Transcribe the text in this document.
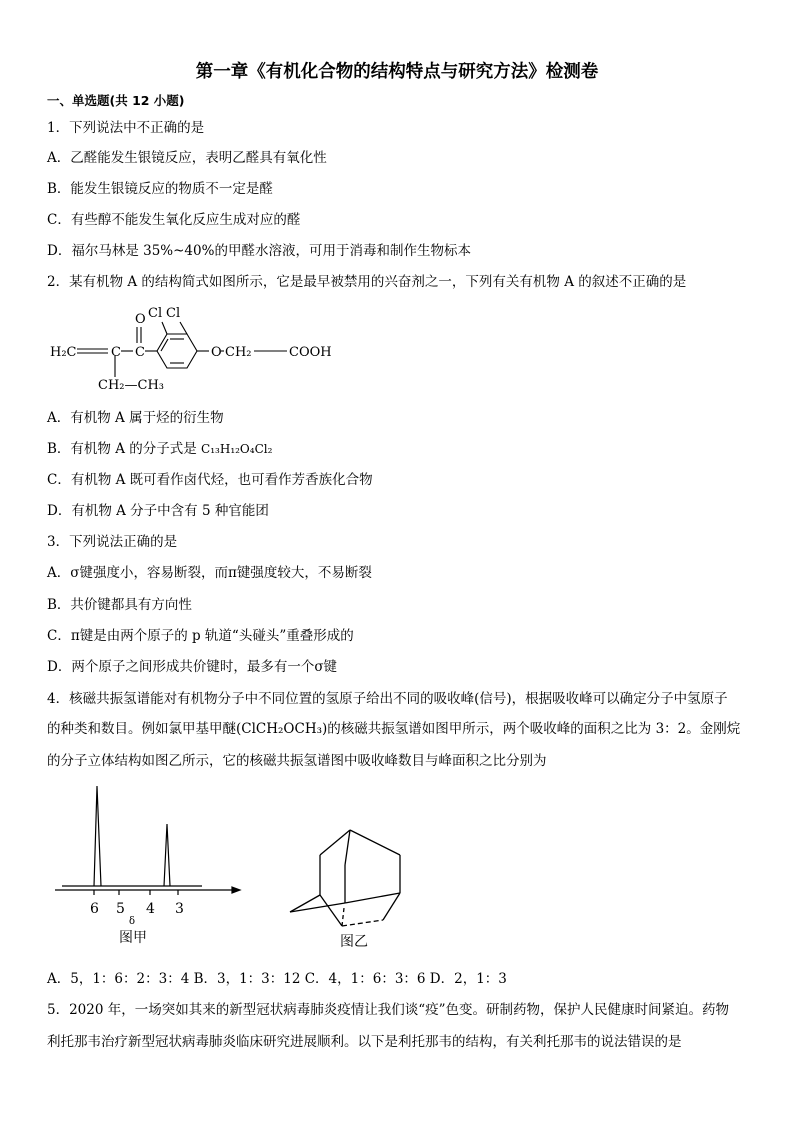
第一章《有机化合物的结构特点与研究方法》检测卷
一、单选题(共 12 小题)
1．下列说法中不正确的是
A．乙醛能发生银镜反应，表明乙醛具有氧化性
B．能发生银镜反应的物质不一定是醛
C．有些醇不能发生氧化反应生成对应的醛
D．福尔马林是 35%~40%的甲醛水溶液，可用于消毒和制作生物标本
2．某有机物 A 的结构简式如图所示，它是最早被禁用的兴奋剂之一，下列有关有机物 A 的叙述不正确的是
H₂C	C C
O Cl Cl
O CH₂	COOH
CH₂—CH₃
A．有机物 A 属于烃的衍生物
B．有机物 A 的分子式是 C₁₃H₁₂O₄Cl₂
C．有机物 A 既可看作卤代烃，也可看作芳香族化合物
D．有机物 A 分子中含有 5 种官能团
3．下列说法正确的是
A．σ键强度小，容易断裂，而π键强度较大，不易断裂
B．共价键都具有方向性
C．π键是由两个原子的 p 轨道“头碰头”重叠形成的
D．两个原子之间形成共价键时，最多有一个σ键
4．核磁共振氢谱能对有机物分子中不同位置的氢原子给出不同的吸收峰(信号)，根据吸收峰可以确定分子中氢原子
的种类和数目。例如氯甲基甲醚(ClCH₂OCH₃)的核磁共振氢谱如图甲所示，两个吸收峰的面积之比为 3：2。金刚烷
的分子立体结构如图乙所示，它的核磁共振氢谱图中吸收峰数目与峰面积之比分别为
6 5 4 3
δ
图甲	图乙
A．5，1：6：2：3：4 B．3，1：3：12 C．4，1：6：3：6 D．2，1：3
5．2020 年，一场突如其来的新型冠状病毒肺炎疫情让我们谈“疫”色变。研制药物，保护人民健康时间紧迫。药物
利托那韦治疗新型冠状病毒肺炎临床研究进展顺利。以下是利托那韦的结构，有关利托那韦的说法错误的是
